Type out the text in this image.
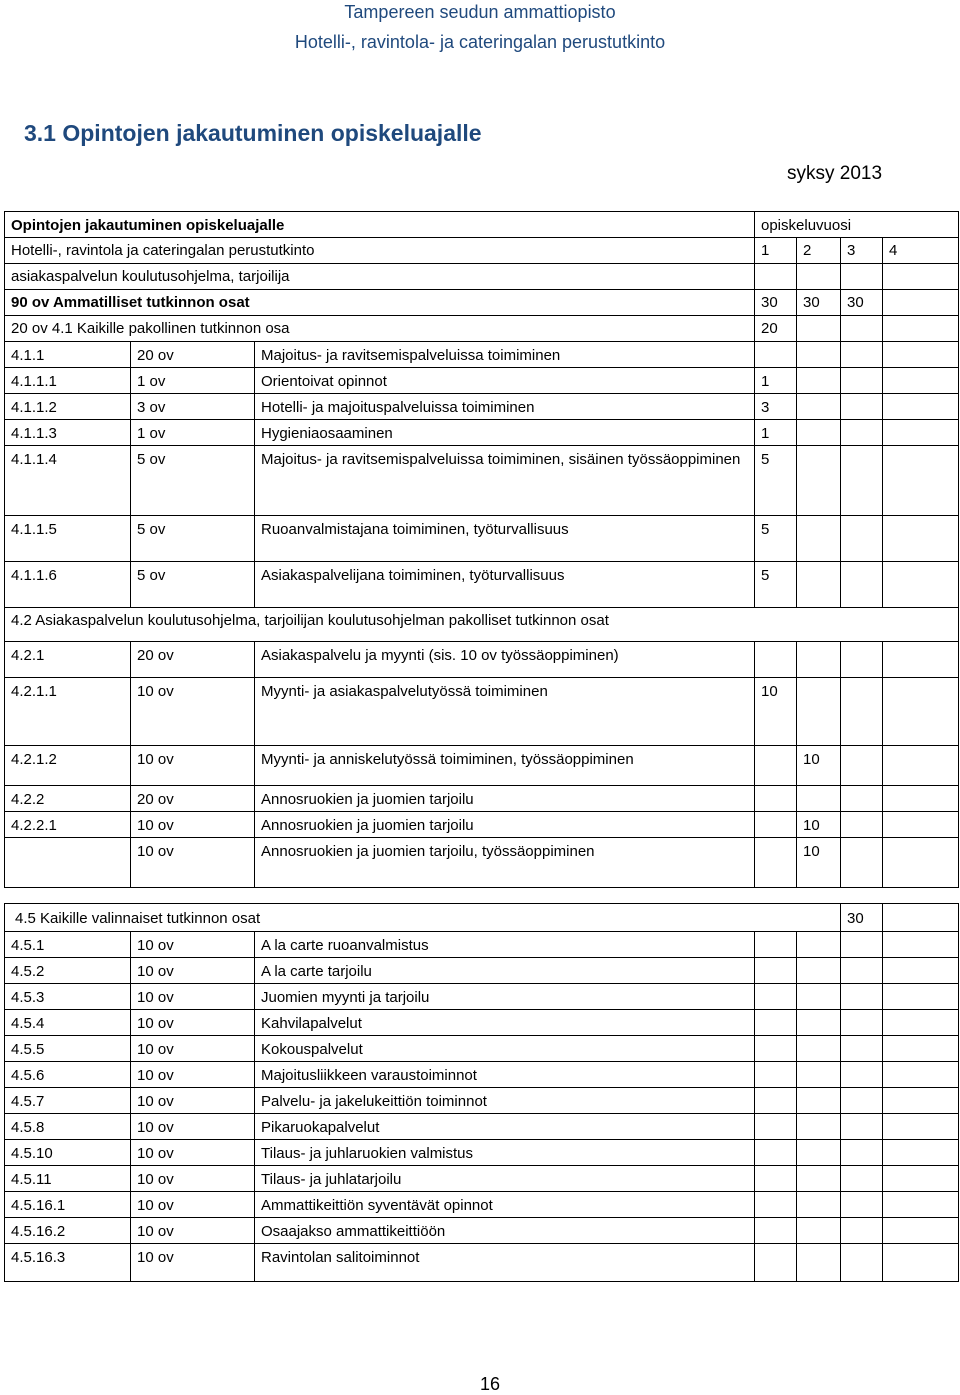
Tampereen seudun ammattiopisto
Hotelli-, ravintola- ja cateringalan perustutkinto
3.1 Opintojen jakautuminen opiskeluajalle
syksy 2013
Opintojen jakautuminen opiskeluajalle			opiskeluvuosi			
Hotelli-, ravintola ja cateringalan perustutkinto			1	2	3	4
asiakaspalvelun koulutusohjelma, tarjoilija						
90 ov Ammatilliset tutkinnon osat			30	30	30	
20 ov 4.1 Kaikille pakollinen tutkinnon osa			20			
4.1.1	20 ov	Majoitus- ja ravitsemispalveluissa toimiminen				
4.1.1.1	1 ov	Orientoivat opinnot	1			
4.1.1.2	3 ov	Hotelli- ja majoituspalveluissa toimiminen	3			
4.1.1.3	1 ov	Hygieniaosaaminen	1			
4.1.1.4	5 ov	Majoitus- ja ravitsemispalveluissa toimiminen, sisäinen työssäoppiminen	5			
4.1.1.5	5 ov	Ruoanvalmistajana toimiminen, työturvallisuus	5			
4.1.1.6	5 ov	Asiakaspalvelijana toimiminen, työturvallisuus	5			
4.2 Asiakaspalvelun koulutusohjelma, tarjoilijan koulutusohjelman pakolliset tutkinnon osat						
4.2.1	20 ov	Asiakaspalvelu ja myynti (sis. 10 ov työssäoppiminen)				
4.2.1.1	10 ov	Myynti- ja asiakaspalvelutyössä toimiminen	10			
4.2.1.2	10 ov	Myynti- ja anniskelutyössä toimiminen, työssäoppiminen		10		
4.2.2	20 ov	Annosruokien ja juomien tarjoilu				
4.2.2.1	10 ov	Annosruokien ja juomien tarjoilu		10		
	10 ov	Annosruokien ja juomien tarjoilu, työssäoppiminen		10		
4.5 Kaikille valinnaiset tutkinnon osat					30	
4.5.1	10 ov	A la carte ruoanvalmistus				
4.5.2	10 ov	A la carte tarjoilu				
4.5.3	10 ov	Juomien myynti ja tarjoilu				
4.5.4	10 ov	Kahvilapalvelut				
4.5.5	10 ov	Kokouspalvelut				
4.5.6	10 ov	Majoitusliikkeen varaustoiminnot				
4.5.7	10 ov	Palvelu- ja jakelukeittiön toiminnot				
4.5.8	10 ov	Pikaruokapalvelut				
4.5.10	10 ov	Tilaus- ja juhlaruokien valmistus				
4.5.11	10 ov	Tilaus- ja juhlatarjoilu				
4.5.16.1	10 ov	Ammattikeittiön syventävät opinnot				
4.5.16.2	10 ov	Osaajakso ammattikeittiöön				
4.5.16.3	10 ov	Ravintolan salitoiminnot				
16
